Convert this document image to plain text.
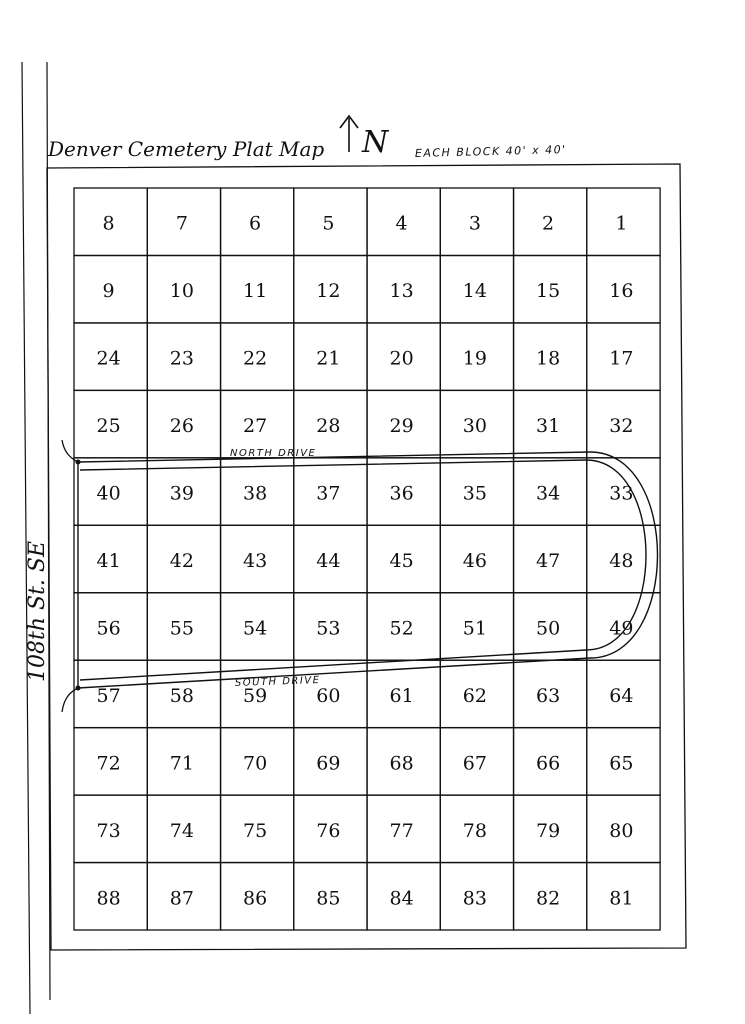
Denver Cemetery Plat Map N EACH BLOCK 40' x 40'
8	7	6	5	4	3	2	1
9	10	11	12	13	14	15	16
24	23	22	21	20	19	18	17
25	26	27	28	29	30	31	32
40	39	38	37	36	35	34	33
41	42	43	44	45	46	47	48
56	55	54	53	52	51	50	49
57	58	59	60	61	62	63	64
72	71	70	69	68	67	66	65
73	74	75	76	77	78	79	80
88	87	86	85	84	83	82	81
NORTH DRIVE
SOUTH DRIVE
108th St. SE
